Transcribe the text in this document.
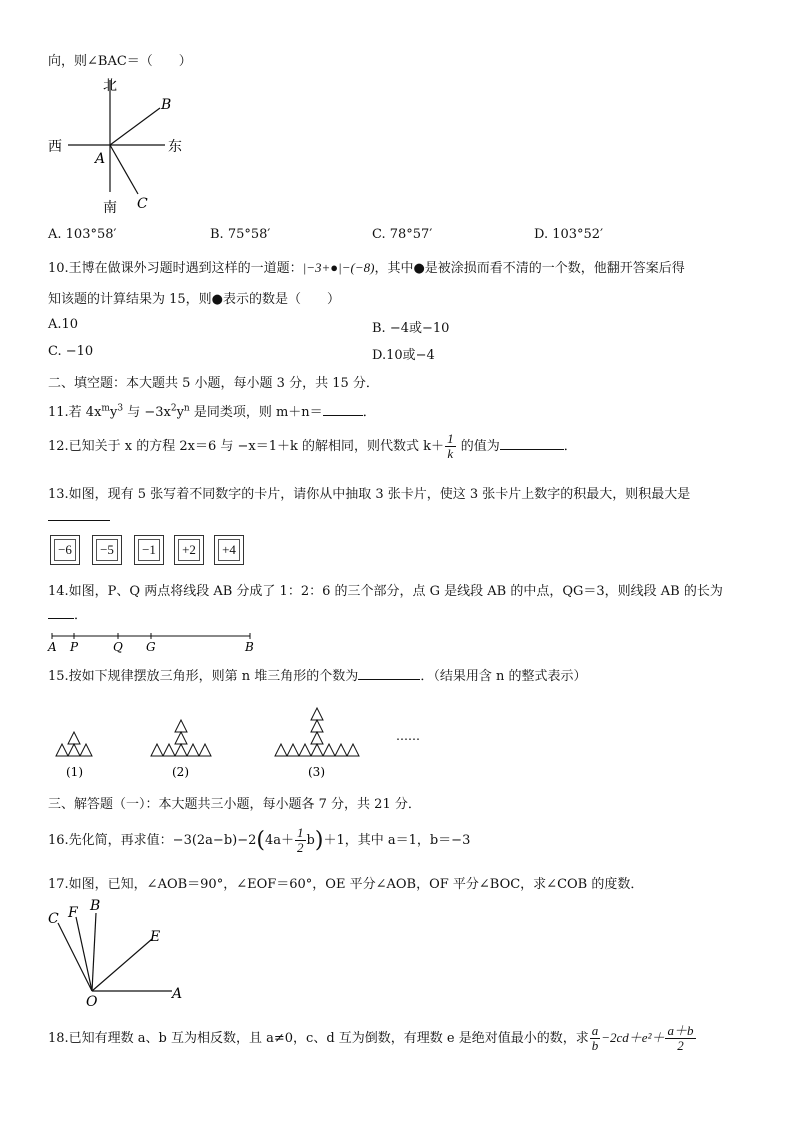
向，则∠BAC＝（　　）
北
南
西	东
A
B
C
A. 103°58′	B. 75°58′	C. 78°57′	D. 103°52′
10.王博在做课外习题时遇到这样的一道题：|−3+●|−(−8)，其中●是被涂损而看不清的一个数，他翻开答案后得
知该题的计算结果为 15，则●表示的数是（　　）
A.10	B. −4或−10
C. −10	D.10或−4
二、填空题：本大题共 5 小题，每小题 3 分，共 15 分．
11.若 $4x^my^3$ 与 $-3x^2y^n$ 是同类项，则 m＋n＝	．
12.已知关于 x 的方程 2x＝6 与 −x＝1＋k 的解相同，则代数式 $k+ \frac{1}{k}$ 的值为	．
13.如图，现有 5 张写着不同数字的卡片，请你从中抽取 3 张卡片，使这 3 张卡片上数字的积最大，则积最大是
−6 −5 −1 +2 +4
14.如图，P、Q 两点将线段 AB 分成了 1：2：6 的三个部分，点 G 是线段 AB 的中点，QG＝3，则线段 AB 的长为
．
A P	Q G	B
15.按如下规律摆放三角形，则第 n 堆三角形的个数为	．（结果用含 n 的整式表示）
(1)	(2)	(3)
……
三、解答题（一）：本大题共三小题，每小题各 7 分，共 21 分．
16.先化简，再求值：$-3(2a-b)-2(4a+ \frac{1}{2} b)+1$，其中 a＝1，b＝−3
17.如图，已知，∠AOB＝90°，∠EOF＝60°，OE 平分∠AOB，OF 平分∠BOC，求∠COB 的度数．
C F B
E
O	A
18.已知有理数 a、b 互为相反数，且 a≠0，c、d 互为倒数，有理数 e 是绝对值最小的数，求 $\frac{a}{b} -2cd+e^2+ \frac{a+b}{2}$
